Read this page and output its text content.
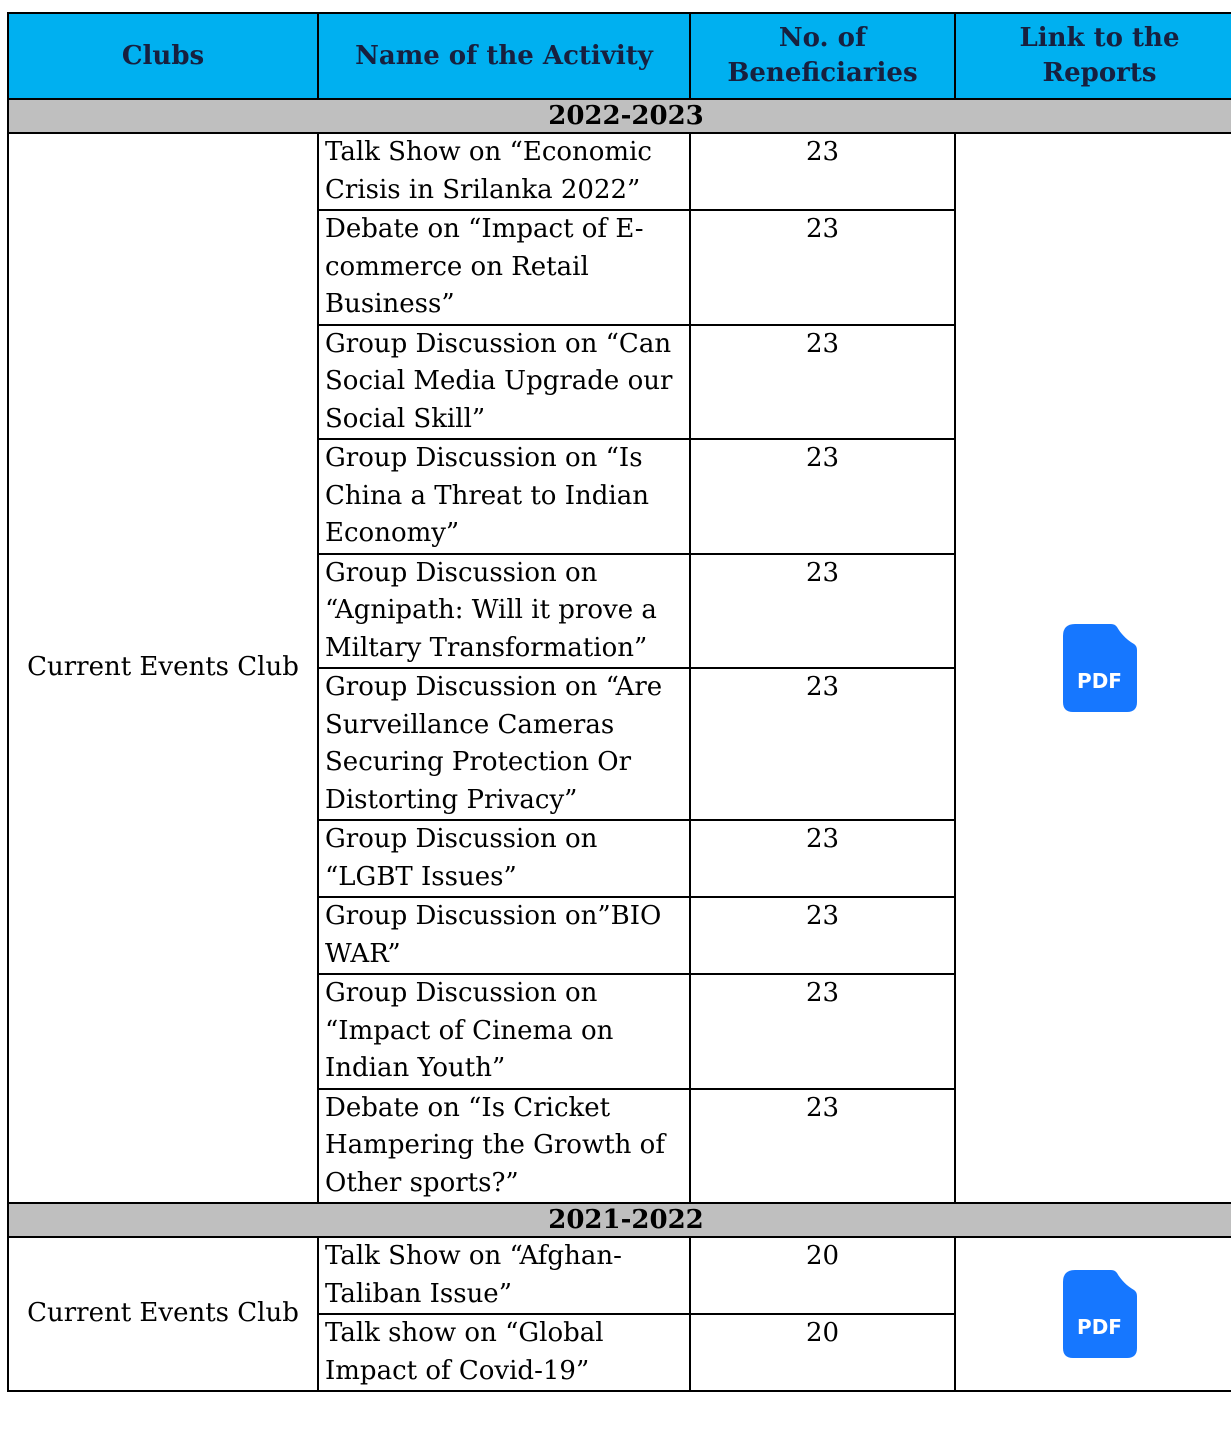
Clubs	Name of the Activity	No. of Beneficiaries	Link to the Reports
2022-2023			
Current Events Club	Talk Show on “Economic Crisis in Srilanka 2022”	23	PDF

	Debate on “Impact of E-commerce on Retail Business”	23	
	Group Discussion on “Can Social Media Upgrade our Social Skill”	23	
	Group Discussion on “Is China a Threat to Indian Economy”	23	
	Group Discussion on “Agnipath: Will it prove a Miltary Transformation”	23	
	Group Discussion on “Are Surveillance Cameras Securing Protection Or Distorting Privacy”	23	
	Group Discussion on “LGBT Issues”	23	
	Group Discussion on”BIO WAR”	23	
	Group Discussion on “Impact of Cinema on Indian Youth”	23	
	Debate on “Is Cricket Hampering the Growth of Other sports?”	23	
2021-2022			
Current Events Club	Talk Show on “Afghan-Taliban Issue”	20	PDF

	Talk show on “Global Impact of Covid-19”	20	
